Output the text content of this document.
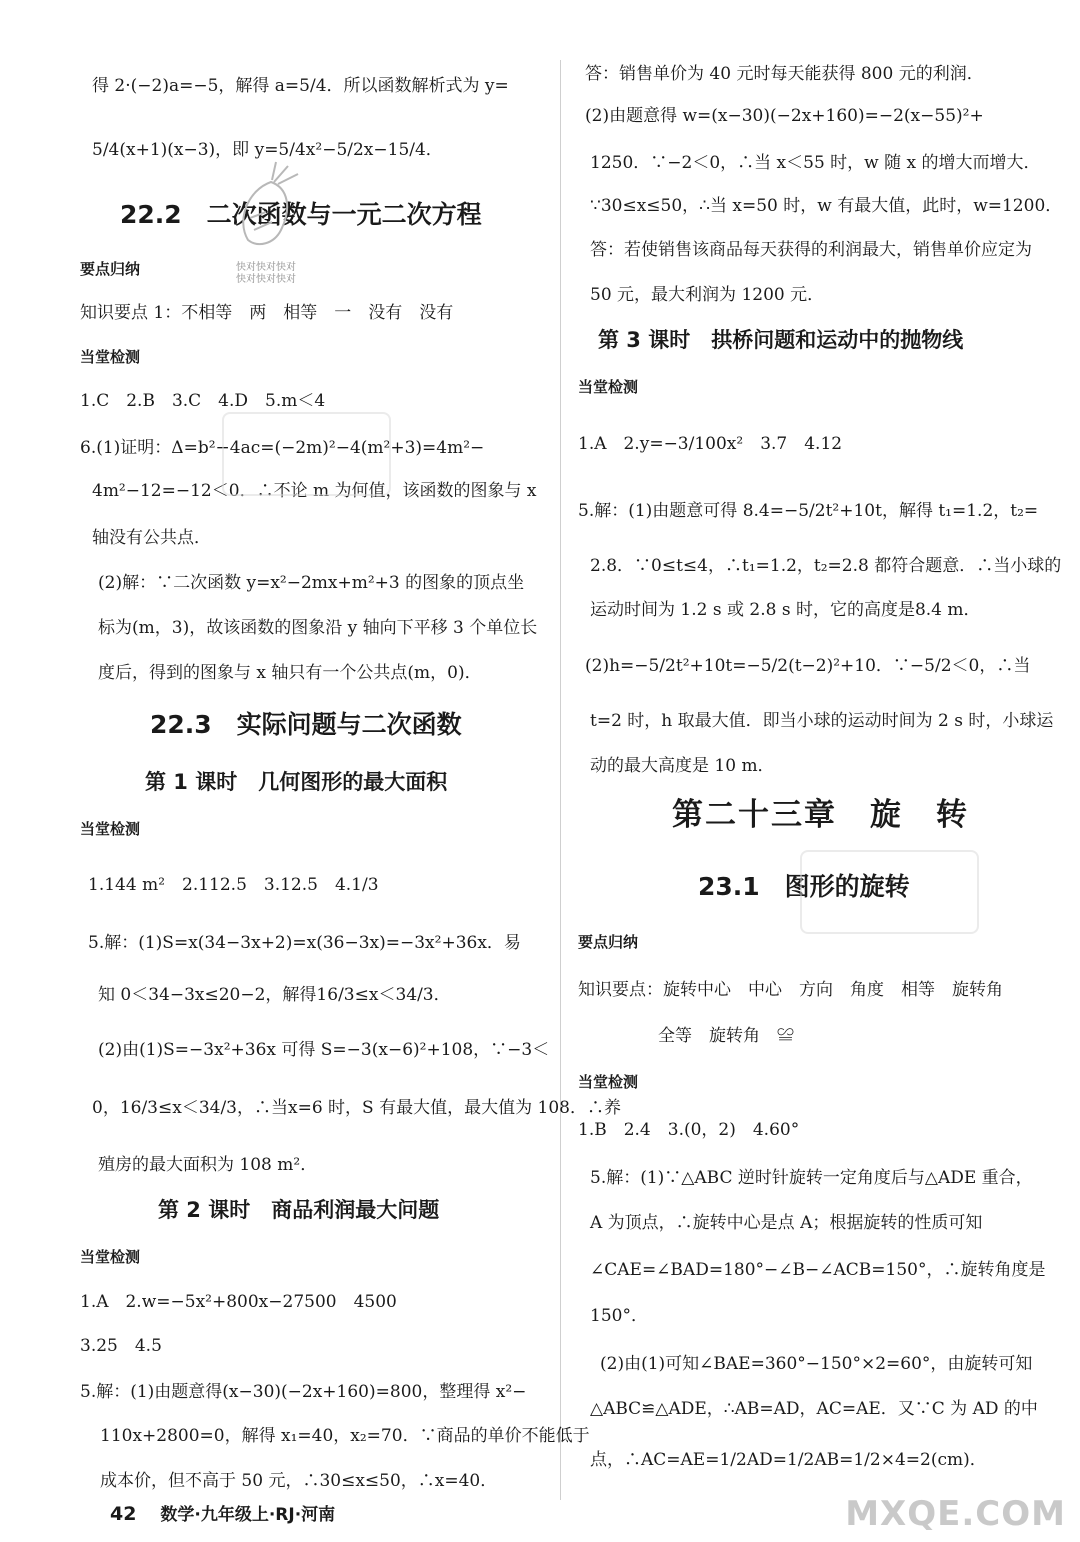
得 2·(−2)a=−5，解得 a=5/4．所以函数解析式为 y=
5/4(x+1)(x−3)，即 y=5/4x²−5/2x−15/4．
22.2　二次函数与一元二次方程
要点归纳
知识要点 1：不相等　两　相等　一　没有　没有
当堂检测
1.C　2.B　3.C　4.D　5.m＜4
6.(1)证明：Δ=b²−4ac=(−2m)²−4(m²+3)=4m²−
4m²−12=−12＜0．∴不论 m 为何值，该函数的图象与 x
轴没有公共点．
(2)解：∵二次函数 y=x²−2mx+m²+3 的图象的顶点坐
标为(m，3)，故该函数的图象沿 y 轴向下平移 3 个单位长
度后，得到的图象与 x 轴只有一个公共点(m，0)．
22.3　实际问题与二次函数
第 1 课时　几何图形的最大面积
当堂检测
1.144 m²　2.112.5　3.12.5　4.1/3
5.解：(1)S=x(34−3x+2)=x(36−3x)=−3x²+36x．易
知 0＜34−3x≤20−2，解得16/3≤x＜34/3．
(2)由(1)S=−3x²+36x 可得 S=−3(x−6)²+108，∵−3＜
0，16/3≤x＜34/3，∴当x=6 时，S 有最大值，最大值为 108．∴养
殖房的最大面积为 108 m²．
第 2 课时　商品利润最大问题
当堂检测
1.A　2.w=−5x²+800x−27500　4500
3.25　4.5
5.解：(1)由题意得(x−30)(−2x+160)=800，整理得 x²−
110x+2800=0，解得 x₁=40，x₂=70．∵商品的单价不能低于
成本价，但不高于 50 元，∴30≤x≤50，∴x=40．
答：销售单价为 40 元时每天能获得 800 元的利润．
(2)由题意得 w=(x−30)(−2x+160)=−2(x−55)²+
1250．∵−2＜0，∴当 x＜55 时，w 随 x 的增大而增大．
∵30≤x≤50，∴当 x=50 时，w 有最大值，此时，w=1200．
答：若使销售该商品每天获得的利润最大，销售单价应定为
50 元，最大利润为 1200 元．
第 3 课时　拱桥问题和运动中的抛物线
当堂检测
1.A　2.y=−3/100x²　3.7　4.12
5.解：(1)由题意可得 8.4=−5/2t²+10t，解得 t₁=1.2，t₂=
2.8．∵0≤t≤4，∴t₁=1.2，t₂=2.8 都符合题意．∴当小球的
运动时间为 1.2 s 或 2.8 s 时，它的高度是8.4 m．
(2)h=−5/2t²+10t=−5/2(t−2)²+10．∵−5/2＜0，∴当
t=2 时，h 取最大值．即当小球的运动时间为 2 s 时，小球运
动的最大高度是 10 m．
第二十三章　旋　转
23.1　图形的旋转
要点归纳
知识要点：旋转中心　中心　方向　角度　相等　旋转角
全等　旋转角　≌
当堂检测
1.B　2.4　3.(0，2)　4.60°
5.解：(1)∵△ABC 逆时针旋转一定角度后与△ADE 重合，
A 为顶点，∴旋转中心是点 A；根据旋转的性质可知
∠CAE=∠BAD=180°−∠B−∠ACB=150°，∴旋转角度是
150°．
(2)由(1)可知∠BAE=360°−150°×2=60°，由旋转可知
△ABC≌△ADE，∴AB=AD，AC=AE．又∵C 为 AD 的中
点，∴AC=AE=1/2AD=1/2AB=1/2×4=2(cm)．
快对快对快对
快对快对快对
42 数学·九年级上·RJ·河南	MXQE.COM
